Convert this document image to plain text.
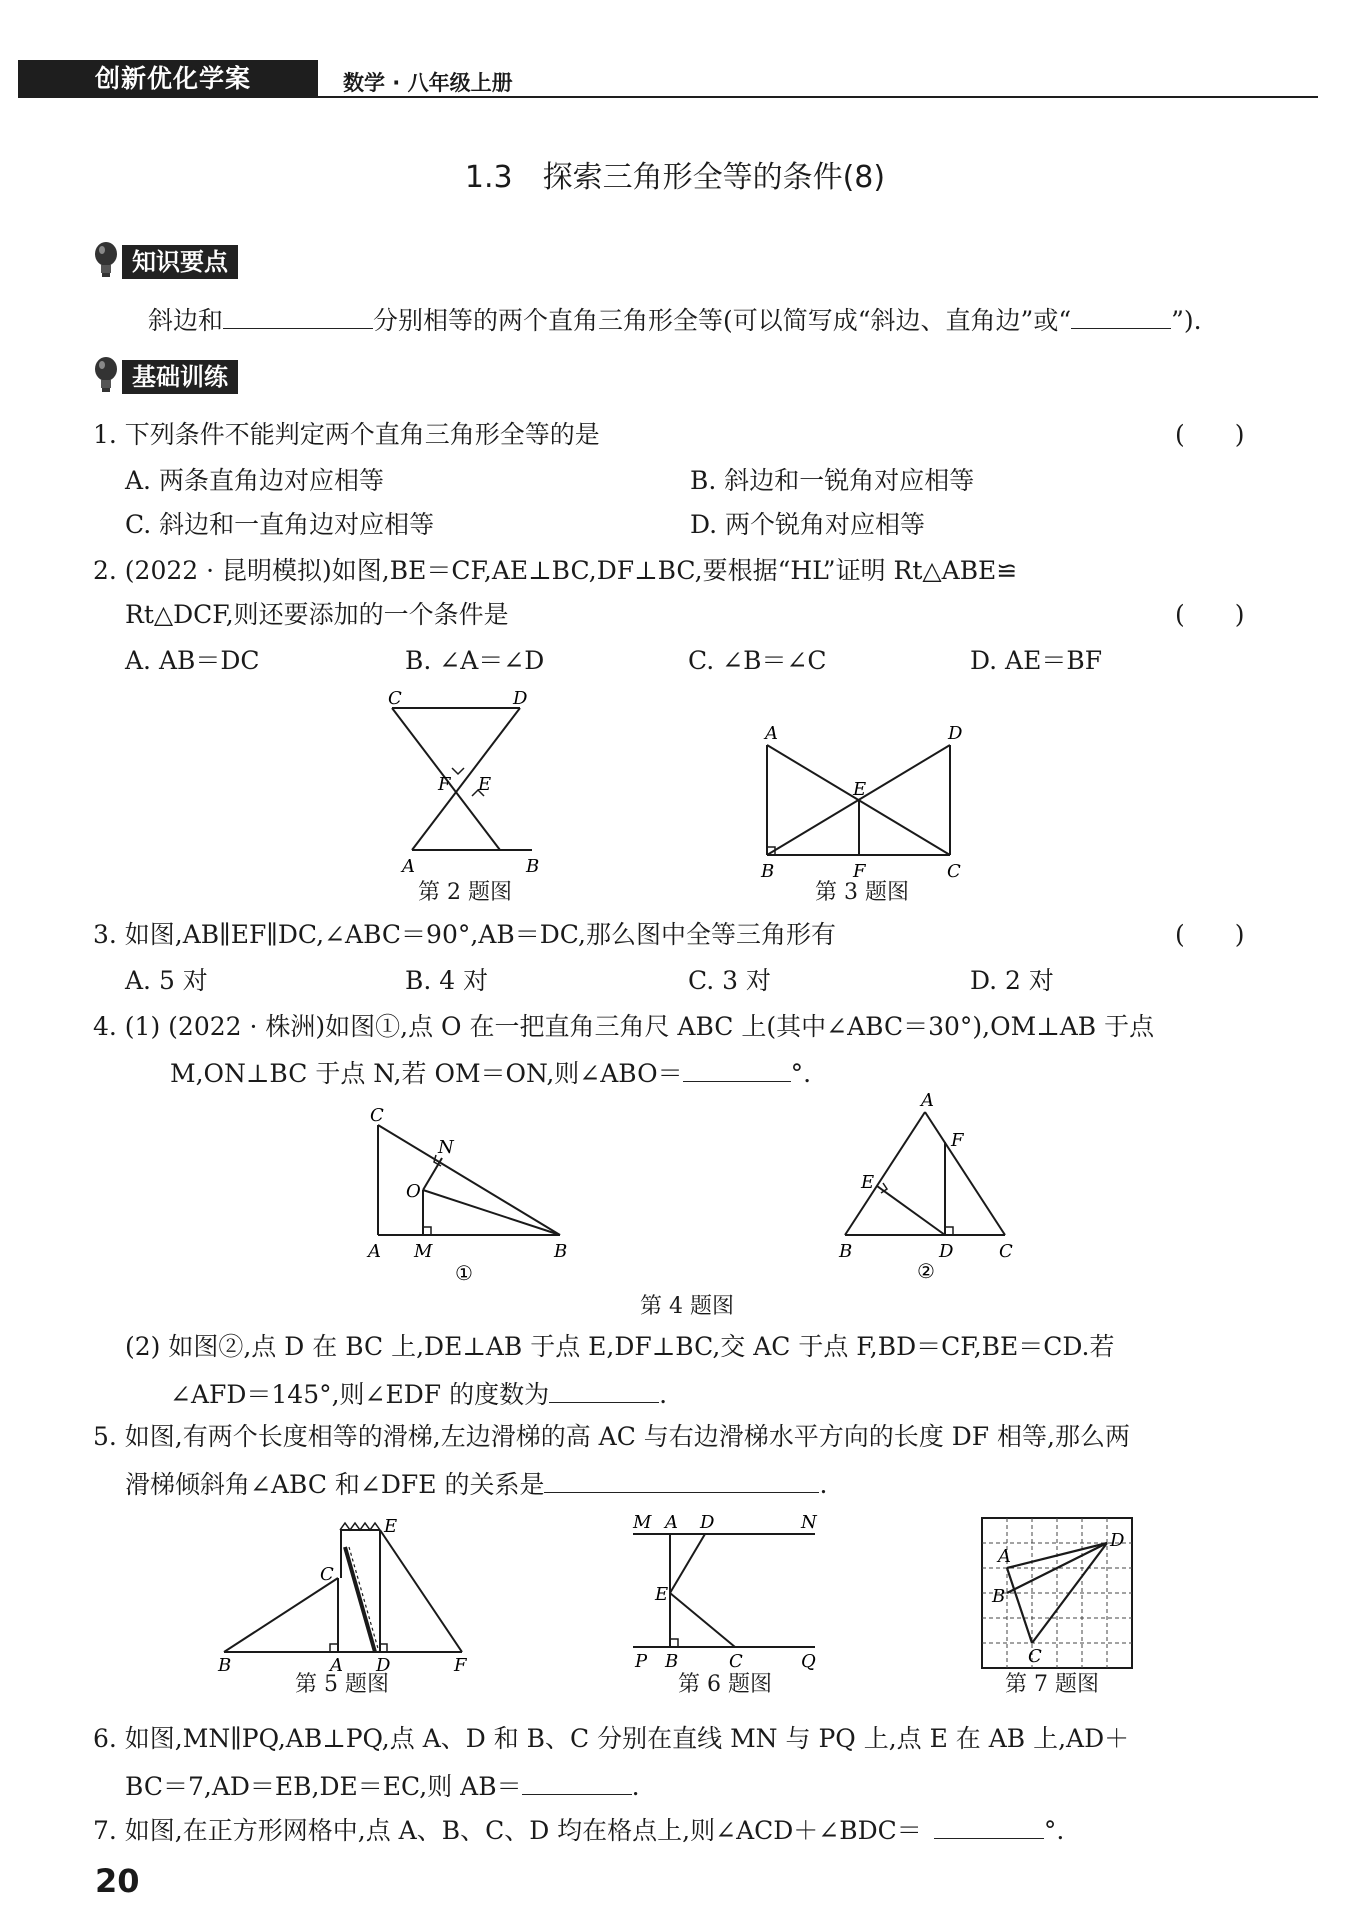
创新优化学案	数学 · 八年级上册
1.3　探索三角形全等的条件(8)
知识要点
斜边和	分别相等的两个直角三角形全等(可以简写成“斜边、直角边”或“	”).
基础训练
1. 下列条件不能判定两个直角三角形全等的是	(　　)
A. 两条直角边对应相等	B. 斜边和一锐角对应相等
C. 斜边和一直角边对应相等	D. 两个锐角对应相等
2. (2022 · 昆明模拟)如图,BE＝CF,AE⊥BC,DF⊥BC,要根据“HL”证明 Rt△ABE≌
Rt△DCF,则还要添加的一个条件是	(　　)
A. AB＝DC	B. ∠A＝∠D	C. ∠B＝∠C	D. AE＝BF
C	D
F E
A	B
第 2 题图
A	D
E
B	F	C
第 3 题图
3. 如图,AB∥EF∥DC,∠ABC＝90°,AB＝DC,那么图中全等三角形有	(　　)
A. 5 对	B. 4 对	C. 3 对	D. 2 对
4. (1) (2022 · 株洲)如图①,点 O 在一把直角三角尺 ABC 上(其中∠ABC＝30°),OM⊥AB 于点
M,ON⊥BC 于点 N,若 OM＝ON,则∠ABO＝	°.
C
N
O
A M	B
①
A
F
E
B	D	C
②
第 4 题图
(2) 如图②,点 D 在 BC 上,DE⊥AB 于点 E,DF⊥BC,交 AC 于点 F,BD＝CF,BE＝CD.若
∠AFD＝145°,则∠EDF 的度数为	.
5. 如图,有两个长度相等的滑梯,左边滑梯的高 AC 与右边滑梯水平方向的长度 DF 相等,那么两
滑梯倾斜角∠ABC 和∠DFE 的关系是	.
C
E
B	A D	F
第 5 题图
M A D	N
E
P B	C	Q
第 6 题图
A
D
B
C
第 7 题图
6. 如图,MN∥PQ,AB⊥PQ,点 A、D 和 B、C 分别在直线 MN 与 PQ 上,点 E 在 AB 上,AD＋
BC＝7,AD＝EB,DE＝EC,则 AB＝	.
7. 如图,在正方形网格中,点 A、B、C、D 均在格点上,则∠ACD＋∠BDC＝	°.
20
